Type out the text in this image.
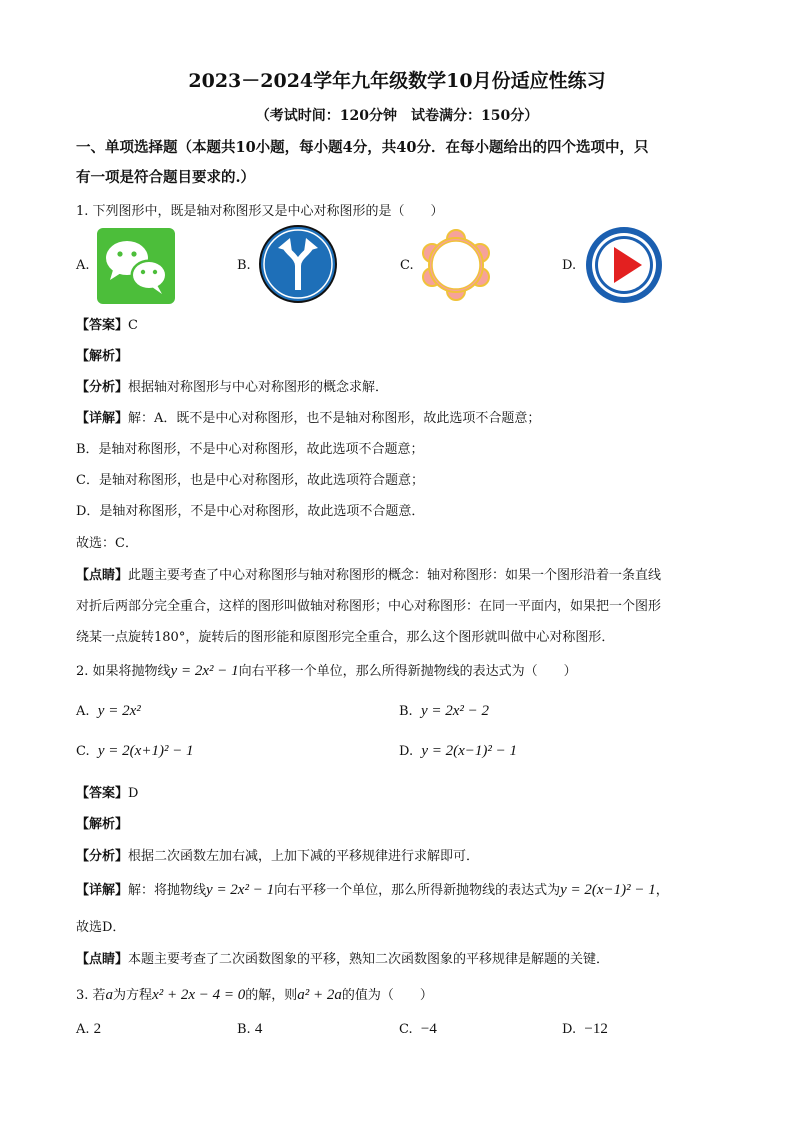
2023－2024学年九年级数学10月份适应性练习
（考试时间：120分钟　试卷满分：150分）
一、单项选择题（本题共10小题，每小题4分，共40分．在每小题给出的四个选项中，只
有一项是符合题目要求的.）
1. 下列图形中，既是轴对称图形又是中心对称图形的是（　　）
A.	B.	C.	D.
【答案】C
【解析】
【分析】根据轴对称图形与中心对称图形的概念求解．
【详解】解：A．既不是中心对称图形，也不是轴对称图形，故此选项不合题意；
B．是轴对称图形，不是中心对称图形，故此选项不合题意；
C．是轴对称图形，也是中心对称图形，故此选项符合题意；
D．是轴对称图形，不是中心对称图形，故此选项不合题意．
故选：C．
【点睛】此题主要考查了中心对称图形与轴对称图形的概念：轴对称图形：如果一个图形沿着一条直线
对折后两部分完全重合，这样的图形叫做轴对称图形；中心对称图形：在同一平面内，如果把一个图形
绕某一点旋转180°，旋转后的图形能和原图形完全重合，那么这个图形就叫做中心对称图形．
2. 如果将抛物线y = 2x² − 1向右平移一个单位，那么所得新抛物线的表达式为（　　）
A. y = 2x²	B. y = 2x² − 2
C. y = 2(x+1)² − 1	D. y = 2(x−1)² − 1
【答案】D
【解析】
【分析】根据二次函数左加右减，上加下减的平移规律进行求解即可．
【详解】解：将抛物线y = 2x² − 1向右平移一个单位，那么所得新抛物线的表达式为y = 2(x−1)² − 1，
故选D．
【点睛】本题主要考查了二次函数图象的平移，熟知二次函数图象的平移规律是解题的关键．
3. 若a为方程x² + 2x − 4 = 0的解，则a² + 2a的值为（　　）
A. 2	B. 4	C. −4	D. −12
